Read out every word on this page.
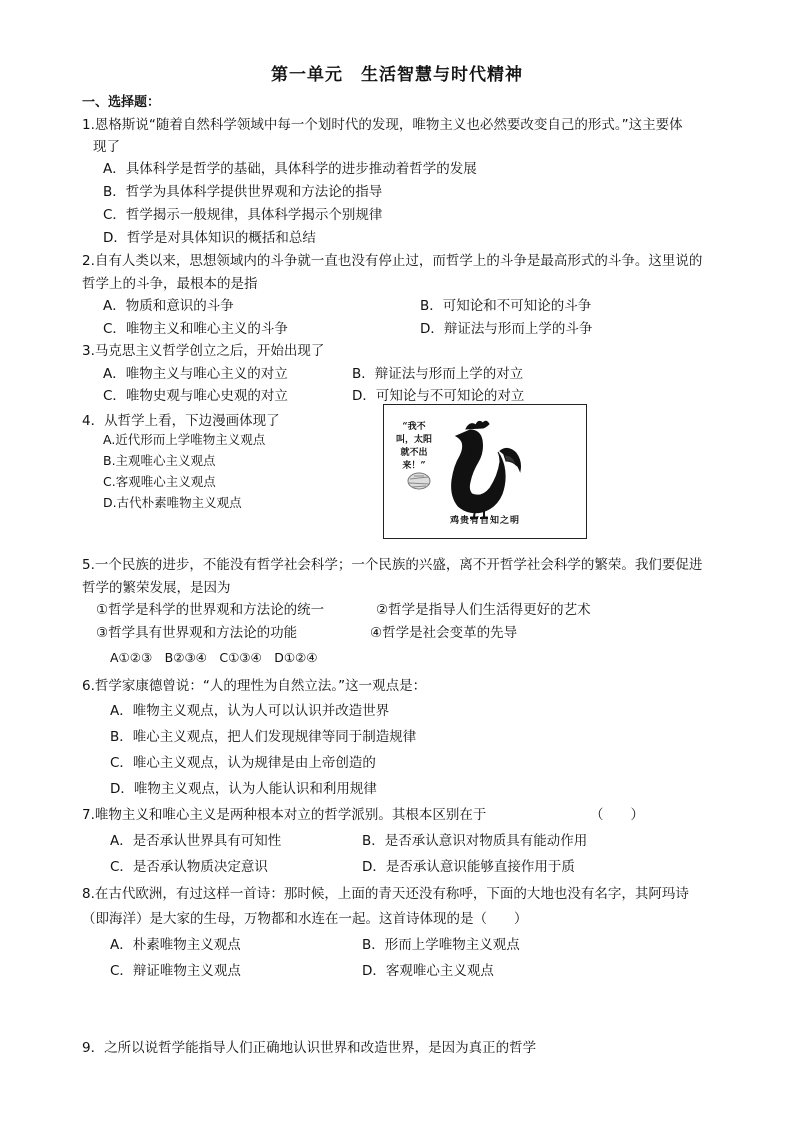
第一单元　生活智慧与时代精神
一、选择题：
1.恩格斯说“随着自然科学领域中每一个划时代的发现，唯物主义也必然要改变自己的形式。”这主要体
现了
A．具体科学是哲学的基础，具体科学的进步推动着哲学的发展
B．哲学为具体科学提供世界观和方法论的指导
C．哲学揭示一般规律，具体科学揭示个别规律
D．哲学是对具体知识的概括和总结
2.自有人类以来，思想领域内的斗争就一直也没有停止过，而哲学上的斗争是最高形式的斗争。这里说的
哲学上的斗争，最根本的是指
A．物质和意识的斗争	B．可知论和不可知论的斗争
C．唯物主义和唯心主义的斗争	D．辩证法与形而上学的斗争
3.马克思主义哲学创立之后，开始出现了
A．唯物主义与唯心主义的对立	B．辩证法与形而上学的对立
C．唯物史观与唯心史观的对立	D．可知论与不可知论的对立
4．从哲学上看，下边漫画体现了
A.近代形而上学唯物主义观点
B.主观唯心主义观点
C.客观唯心主义观点
D.古代朴素唯物主义观点
“我不叫，太阳就不出来！”
鸡贵有自知之明
5.一个民族的进步，不能没有哲学社会科学；一个民族的兴盛，离不开哲学社会科学的繁荣。我们要促进
哲学的繁荣发展，是因为
①哲学是科学的世界观和方法论的统一	②哲学是指导人们生活得更好的艺术
③哲学具有世界观和方法论的功能	④哲学是社会变革的先导
A①②③　B②③④　C①③④　D①②④
6.哲学家康德曾说：“人的理性为自然立法。”这一观点是：
A．唯物主义观点，认为人可以认识并改造世界
B．唯心主义观点，把人们发现规律等同于制造规律
C．唯心主义观点，认为规律是由上帝创造的
D．唯物主义观点，认为人能认识和利用规律
7.唯物主义和唯心主义是两种根本对立的哲学派别。其根本区别在于	（　　）
A．是否承认世界具有可知性	B．是否承认意识对物质具有能动作用
C．是否承认物质决定意识	D．是否承认意识能够直接作用于质
8.在古代欧洲，有过这样一首诗：那时候，上面的青天还没有称呼，下面的大地也没有名字，其阿玛诗
（即海洋）是大家的生母，万物都和水连在一起。这首诗体现的是（　　）
A．朴素唯物主义观点	B．形而上学唯物主义观点
C．辩证唯物主义观点	D．客观唯心主义观点
9．之所以说哲学能指导人们正确地认识世界和改造世界，是因为真正的哲学
